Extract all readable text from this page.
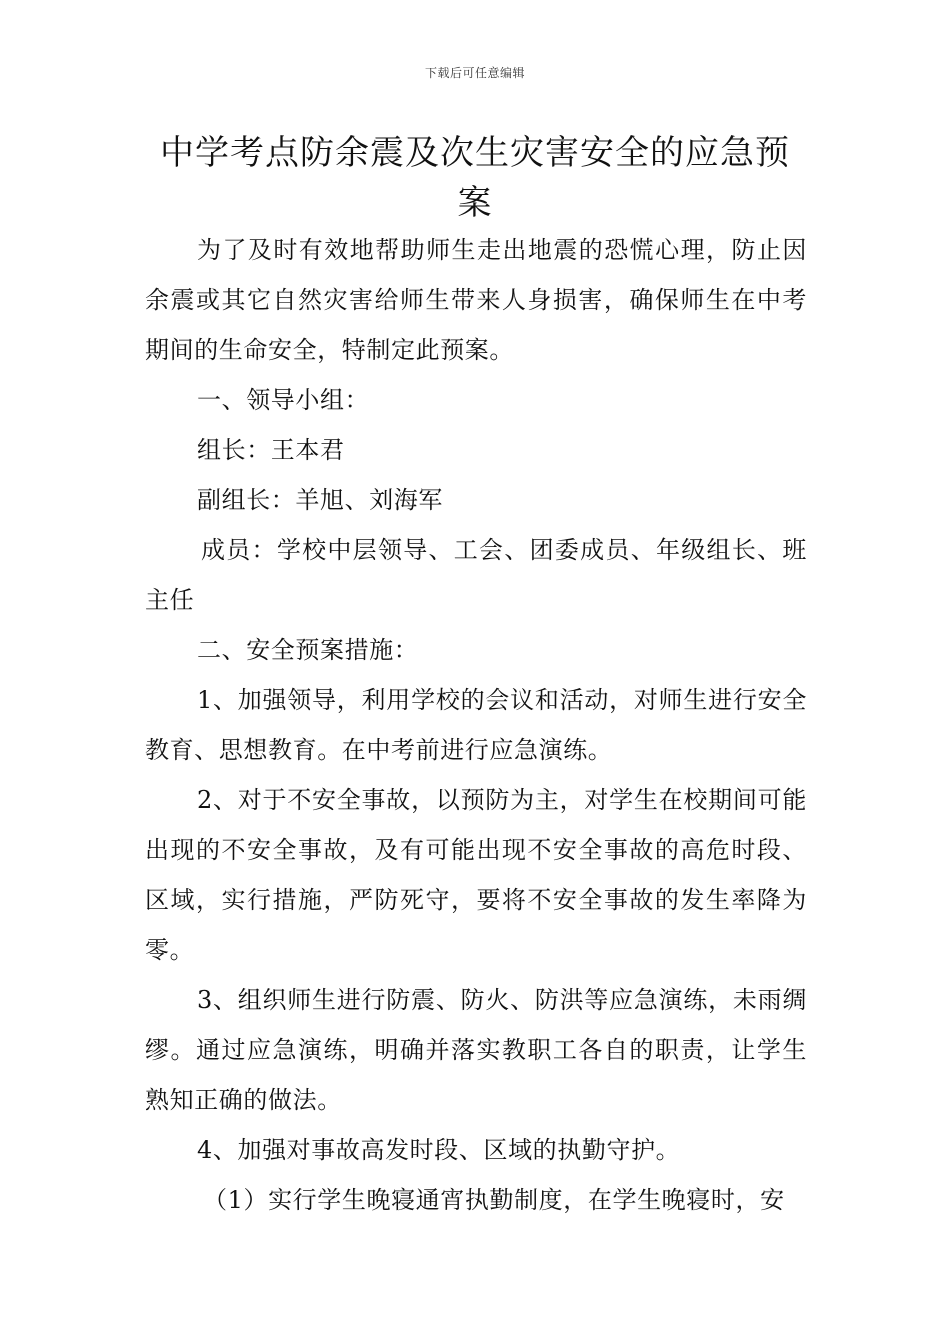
下载后可任意编辑
中学考点防余震及次生灾害安全的应急预案

为了及时有效地帮助师生走出地震的恐慌心理，防止因余震或其它自然灾害给师生带来人身损害，确保师生在中考期间的生命安全，特制定此预案。

一、领导小组：

组长：王本君

副组长：羊旭、刘海军

成员：学校中层领导、工会、团委成员、年级组长、班主任

二、安全预案措施：

1、加强领导，利用学校的会议和活动，对师生进行安全教育、思想教育。在中考前进行应急演练。

2、对于不安全事故，以预防为主，对学生在校期间可能出现的不安全事故，及有可能出现不安全事故的高危时段、区域，实行措施，严防死守，要将不安全事故的发生率降为零。

3、组织师生进行防震、防火、防洪等应急演练，未雨绸缪。通过应急演练，明确并落实教职工各自的职责，让学生熟知正确的做法。

4、加强对事故高发时段、区域的执勤守护。

（1）实行学生晚寝通宵执勤制度，在学生晚寝时，安
